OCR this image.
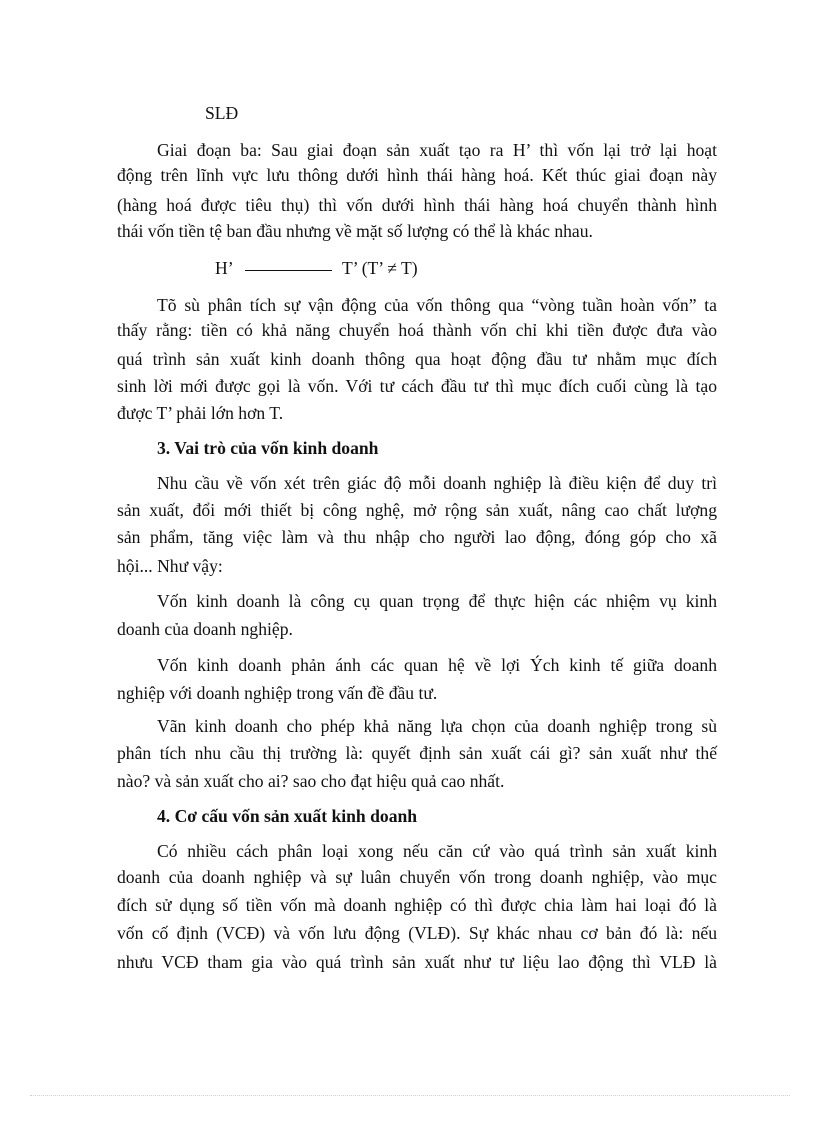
SLĐ
Giai đoạn ba: Sau giai đoạn sản xuất tạo ra H’ thì vốn lại trở lại hoạt
động trên lĩnh vực lưu thông dưới hình thái hàng hoá. Kết thúc giai đoạn này
(hàng hoá được tiêu thụ) thì vốn dưới hình thái hàng hoá chuyển thành hình
thái vốn tiền tệ ban đầu nhưng về mặt số lượng có thể là khác nhau.
H’	T’ (T’ ≠ T)
Tõ sù phân tích sự vận động của vốn thông qua “vòng tuần hoàn vốn” ta
thấy rằng: tiền có khả năng chuyển hoá thành vốn chỉ khi tiền được đưa vào
quá trình sản xuất kinh doanh thông qua hoạt động đầu tư nhằm mục đích
sinh lời mới được gọi là vốn. Với tư cách đầu tư thì mục đích cuối cùng là tạo
được T’ phải lớn hơn T.
3. Vai trò của vốn kinh doanh
Nhu cầu về vốn xét trên giác độ mỗi doanh nghiệp là điều kiện để duy trì
sản xuất, đổi mới thiết bị công nghệ, mở rộng sản xuất, nâng cao chất lượng
sản phẩm, tăng việc làm và thu nhập cho người lao động, đóng góp cho xã
hội... Như vậy:
Vốn kinh doanh là công cụ quan trọng để thực hiện các nhiệm vụ kinh
doanh của doanh nghiệp.
Vốn kinh doanh phản ánh các quan hệ về lợi Ých kinh tế giữa doanh
nghiệp với doanh nghiệp trong vấn đề đầu tư.
Vãn kinh doanh cho phép khả năng lựa chọn của doanh nghiệp trong sù
phân tích nhu cầu thị trường là: quyết định sản xuất cái gì? sản xuất như thế
nào? và sản xuất cho ai? sao cho đạt hiệu quả cao nhất.
4. Cơ cấu vốn sản xuất kinh doanh
Có nhiều cách phân loại xong nếu căn cứ vào quá trình sản xuất kinh
doanh của doanh nghiệp và sự luân chuyển vốn trong doanh nghiệp, vào mục
đích sử dụng số tiền vốn mà doanh nghiệp có thì được chia làm hai loại đó là
vốn cố định (VCĐ) và vốn lưu động (VLĐ). Sự khác nhau cơ bản đó là: nếu
nhưu VCĐ tham gia vào quá trình sản xuất như tư liệu lao động thì VLĐ là
